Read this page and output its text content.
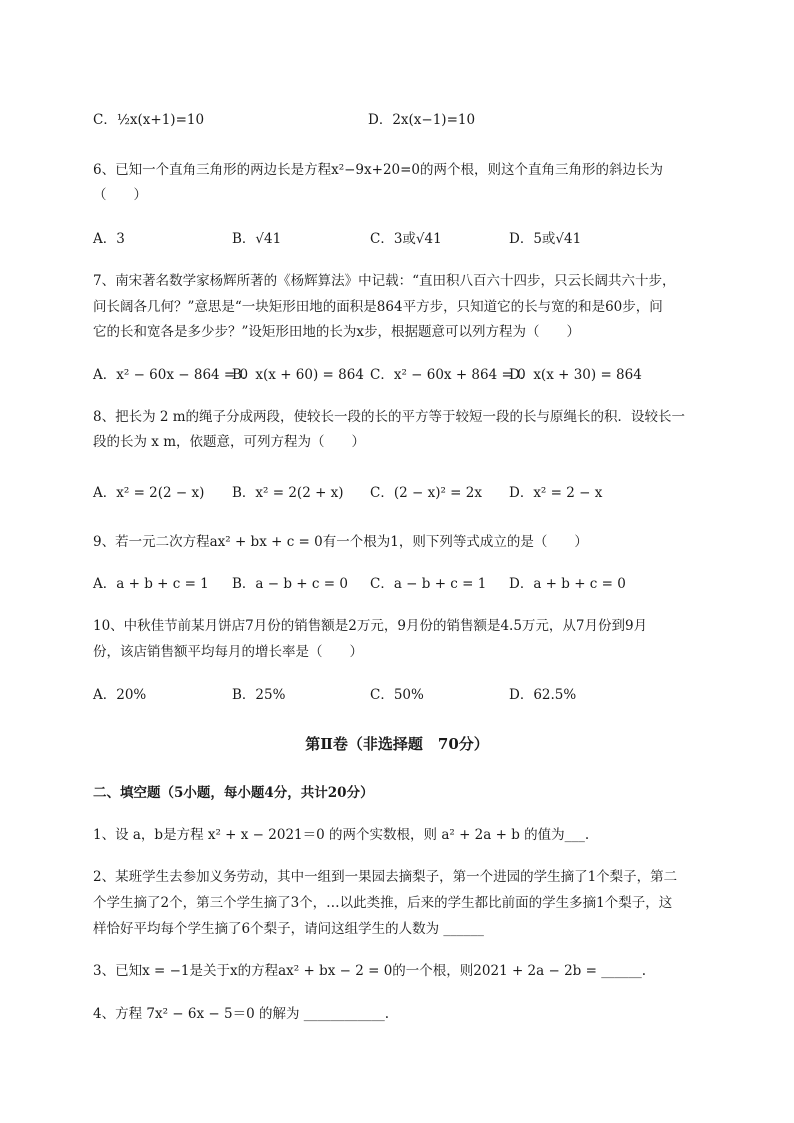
C．½x(x+1)=10	D．2x(x−1)=10
6、已知一个直角三角形的两边长是方程x²−9x+20=0的两个根，则这个直角三角形的斜边长为
（　　）
A．3	B．√41	C．3或√41	D．5或√41
7、南宋著名数学家杨辉所著的《杨辉算法》中记载：“直田积八百六十四步，只云长阔共六十步，
问长阔各几何？”意思是“一块矩形田地的面积是864平方步，只知道它的长与宽的和是60步，问
它的长和宽各是多少步？”设矩形田地的长为x步，根据题意可以列方程为（　　）
A．x² − 60x − 864 = 0
B．x(x + 60) = 864 C．x² − 60x + 864 = 0
D．x(x + 30) = 864
8、把长为 2 m的绳子分成两段，使较长一段的长的平方等于较短一段的长与原绳长的积．设较长一
段的长为 x m，依题意，可列方程为（　　）
A．x² = 2(2 − x) B．x² = 2(2 + x) C．(2 − x)² = 2x D．x² = 2 − x
9、若一元二次方程ax² + bx + c = 0有一个根为1，则下列等式成立的是（　　）
A．a + b + c = 1 B．a − b + c = 0 C．a − b + c = 1 D．a + b + c = 0
10、中秋佳节前某月饼店7月份的销售额是2万元，9月份的销售额是4.5万元，从7月份到9月
份，该店销售额平均每月的增长率是（　　）
A．20%	B．25%	C．50%	D．62.5%
第Ⅱ卷（非选择题　70分）
二、填空题（5小题，每小题4分，共计20分）
1、设 a，b是方程 x² + x − 2021＝0 的两个实数根，则 a² + 2a + b 的值为___.
2、某班学生去参加义务劳动，其中一组到一果园去摘梨子，第一个进园的学生摘了1个梨子，第二
个学生摘了2个，第三个学生摘了3个，…以此类推，后来的学生都比前面的学生多摘1个梨子，这
样恰好平均每个学生摘了6个梨子，请问这组学生的人数为 ______
3、已知x = −1是关于x的方程ax² + bx − 2 = 0的一个根，则2021 + 2a − 2b = ______.
4、方程 7x² − 6x − 5＝0 的解为 ____________.
